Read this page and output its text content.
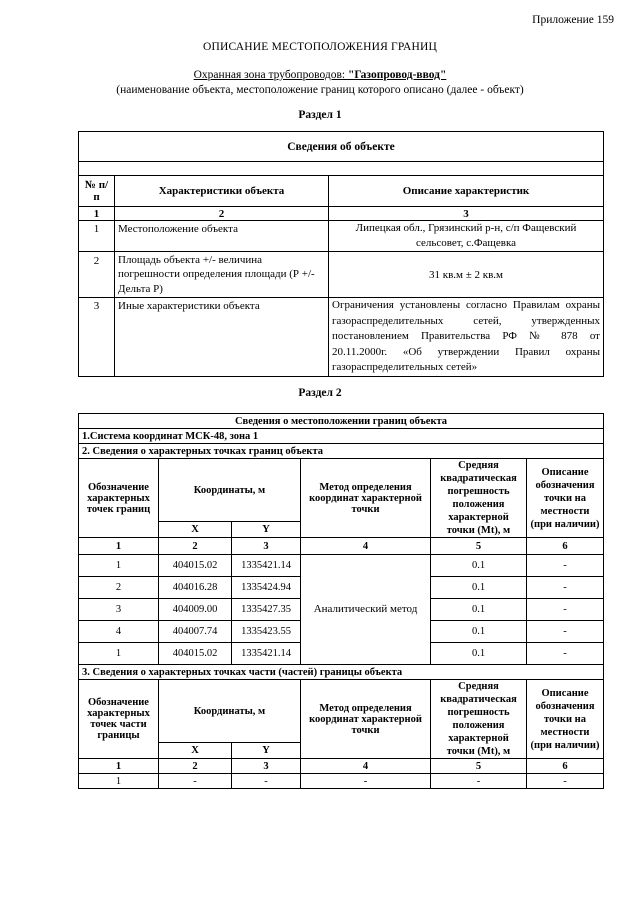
Приложение 159
ОПИСАНИЕ МЕСТОПОЛОЖЕНИЯ ГРАНИЦ
Охранная зона трубопроводов: "Газопровод-ввод"
(наименование объекта, местоположение границ которого описано (далее - объект)
Раздел 1
Сведения об объекте		

№ п/п	Характеристики объекта	Описание характеристик
1	2	3
1	Местоположение объекта	Липецкая обл., Грязинский р-н, с/п Фащевский сельсовет, с.Фащевка
2	Площадь объекта +/- величина погрешности определения площади (Р +/- Дельта Р)	31 кв.м ± 2 кв.м
3	Иные характеристики объекта	Ограничения установлены согласно Правилам охраны газораспределительных сетей, утвержденных постановлением Правительства РФ № 878 от 20.11.2000г. «Об утверждении Правил охраны газораспределительных сетей»
Раздел 2
Сведения о местоположении границ объекта					
1.Система координат МСК-48, зона 1					
2. Сведения о характерных точках границ объекта					
Обозначение характерных точек границ	Координаты, м		Метод определения координат характерной точки	Средняя квадратическая погрешность положения характерной точки (Mt), м	Описание обозначения точки на местности (при наличии)
	X	Y			
1	2	3	4	5	6
1	404015.02	1335421.14	Аналитический метод	0.1	-
2	404016.28	1335424.94		0.1	-
3	404009.00	1335427.35		0.1	-
4	404007.74	1335423.55		0.1	-
1	404015.02	1335421.14		0.1	-
3. Сведения о характерных точках части (частей) границы объекта					
Обозначение характерных точек части границы	Координаты, м		Метод определения координат характерной точки	Средняя квадратическая погрешность положения характерной точки (Mt), м	Описание обозначения точки на местности (при наличии)
	X	Y			
1	2	3	4	5	6
1	-	-	-	-	-
